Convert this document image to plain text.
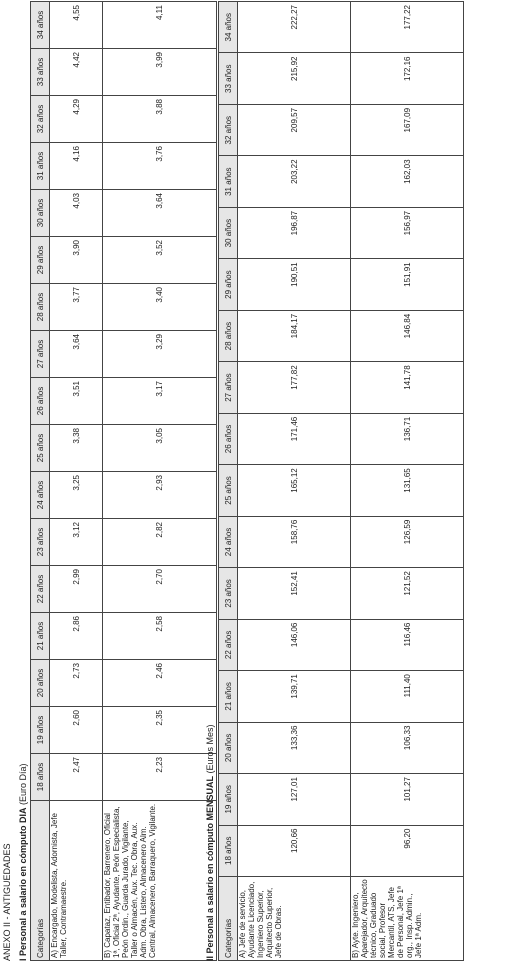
ANEXO II - ANTIGUEDADES I Personal a salario en cómputo DIA (Euro Día)
Categorías	18 años	19 años	20 años	21 años	22 años	23 años	24 años	25 años	26 años	27 años	28 años	29 años	30 años	31 años	32 años	33 años	34 años
A) Encargado, Modelista, Adornista, Jefe Taller, Contramaestre.	2,47	2,60	2,73	2,86	2,99	3,12	3,25	3,38	3,51	3,64	3,77	3,90	4,03	4,16	4,29	4,42	4,55
B) Capataz, Entibador, Barrenero, Oficial 1ª, Oficial 2ª, Ayudante, Peón Especialista, Peón Ordin., Guarda Jurado, Vigilante, Taller o Almacén, Aux. Tec. Obra, Aux. Adm. Obra, Listero, Almacenero Alm. Central, Almacenero, Barraquero, Vigilante.	2,23	2,35	2,46	2,58	2,70	2,82	2,93	3,05	3,17	3,29	3,40	3,52	3,64	3,76	3,88	3,99	4,11
II Personal a salario en cómputo MENSUAL (Euros Mes)
Categorías	18 años	19 años	20 años	21 años	22 años	23 años	24 años	25 años	26 años	27 años	28 años	29 años	30 años	31 años	32 años	33 años	34 años
A) Jefe de servicio, Ayudante Licenciado, Ingeniero Superior, Arquitecto Superior, Jefe de Obras.	120,66	127,01	133,36	139,71	146,06	152,41	158,76	165,12	171,46	177,82	184,17	190,51	196,87	203,22	209,57	215,92	222,27
B) Ayte. Ingeniero, Aparejador, Arquitecto técnico, Graduado social, Profesor Mercantil, ATS, Jefe de Personal, Jefe 1ª org., Insp. Admin., Jefe 1ª Adm.	96,20	101,27	106,33	111,40	116,46	121,52	126,59	131,65	136,71	141,78	146,84	151,91	156,97	162,03	167,09	172,16	177,22
